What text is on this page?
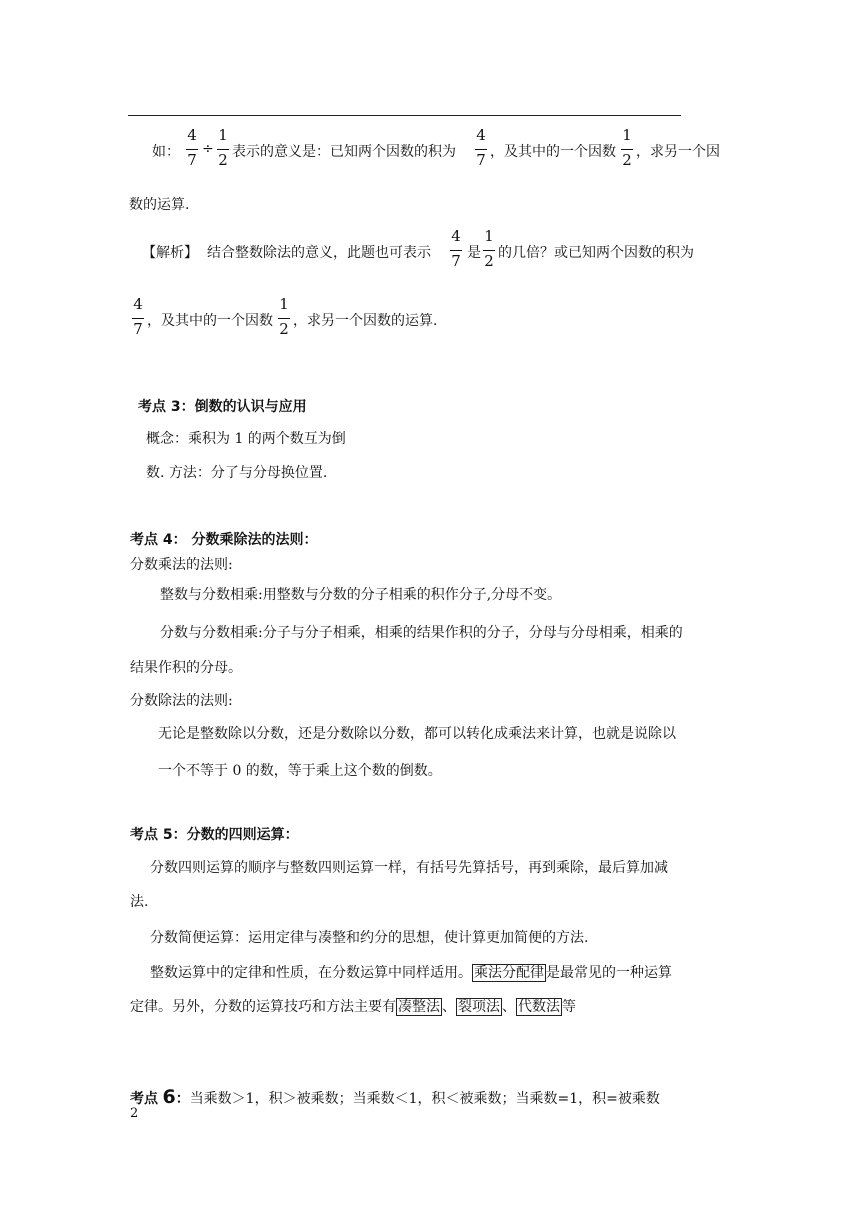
如：
4
7
÷
1
2 表示的意义是：已知两个因数的积为
4
7 ，及其中的一个因数
1
2 ，求另一个因
数的运算.
【解析】 结合整数除法的意义，此题也可表示
4
7 是
1
2 的几倍？或已知两个因数的积为
4
7 ，及其中的一个因数
1
2 ，求另一个因数的运算.
考点 3：倒数的认识与应用
概念：乘积为 1 的两个数互为倒
数. 方法：分了与分母换位置.
考点 4： 分数乘除法的法则：
分数乘法的法则:
整数与分数相乘:用整数与分数的分子相乘的积作分子,分母不变。
分数与分数相乘:分子与分子相乘，相乘的结果作积的分子，分母与分母相乘，相乘的
结果作积的分母。
分数除法的法则:
无论是整数除以分数，还是分数除以分数，都可以转化成乘法来计算，也就是说除以
一个不等于 0 的数，等于乘上这个数的倒数。
考点 5：分数的四则运算：
分数四则运算的顺序与整数四则运算一样，有括号先算括号，再到乘除，最后算加减
法.
分数简便运算：运用定律与凑整和约分的思想，使计算更加简便的方法.
整数运算中的定律和性质，在分数运算中同样适用。 乘法分配律 是最常见的一种运算
定律。另外，分数的运算技巧和方法主要有 凑整法 、 裂项法 、 代数法 等
考点 6：当乘数＞1，积＞被乘数；当乘数＜1，积＜被乘数；当乘数=1，积=被乘数
2
